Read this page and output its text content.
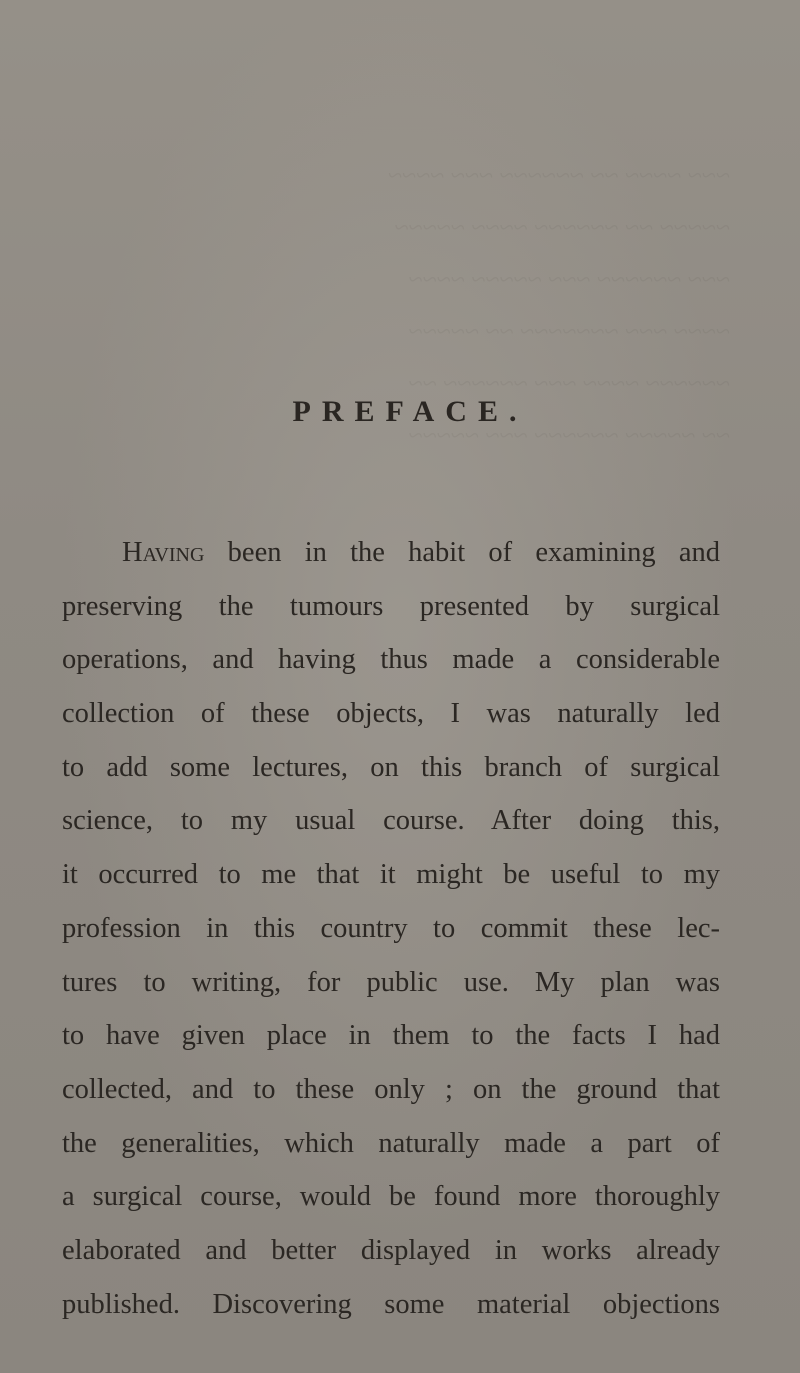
~~~ ~~~~ ~~ ~~~~~~ ~~~ ~~~~
~~~~~ ~~ ~~~~~~ ~~~~ ~~~~~
~~~ ~~~~~~ ~~~ ~~~~~ ~~~~
~~~~ ~~~ ~~~~~~~ ~~ ~~~~~
~~~~~~ ~~~~ ~~~ ~~~~~~ ~~
~~ ~~~~~ ~~~~~~ ~~~ ~~~~~
PREFACE.
Having been in the habit of examining and
preserving the tumours presented by surgical
operations, and having thus made a considerable
collection of these objects, I was naturally led
to add some lectures, on this branch of surgical
science, to my usual course. After doing this,
it occurred to me that it might be useful to my
profession in this country to commit these lec-
tures to writing, for public use. My plan was
to have given place in them to the facts I had
collected, and to these only ; on the ground that
the generalities, which naturally made a part of
a surgical course, would be found more thoroughly
elaborated and better displayed in works already
published. Discovering some material objections
